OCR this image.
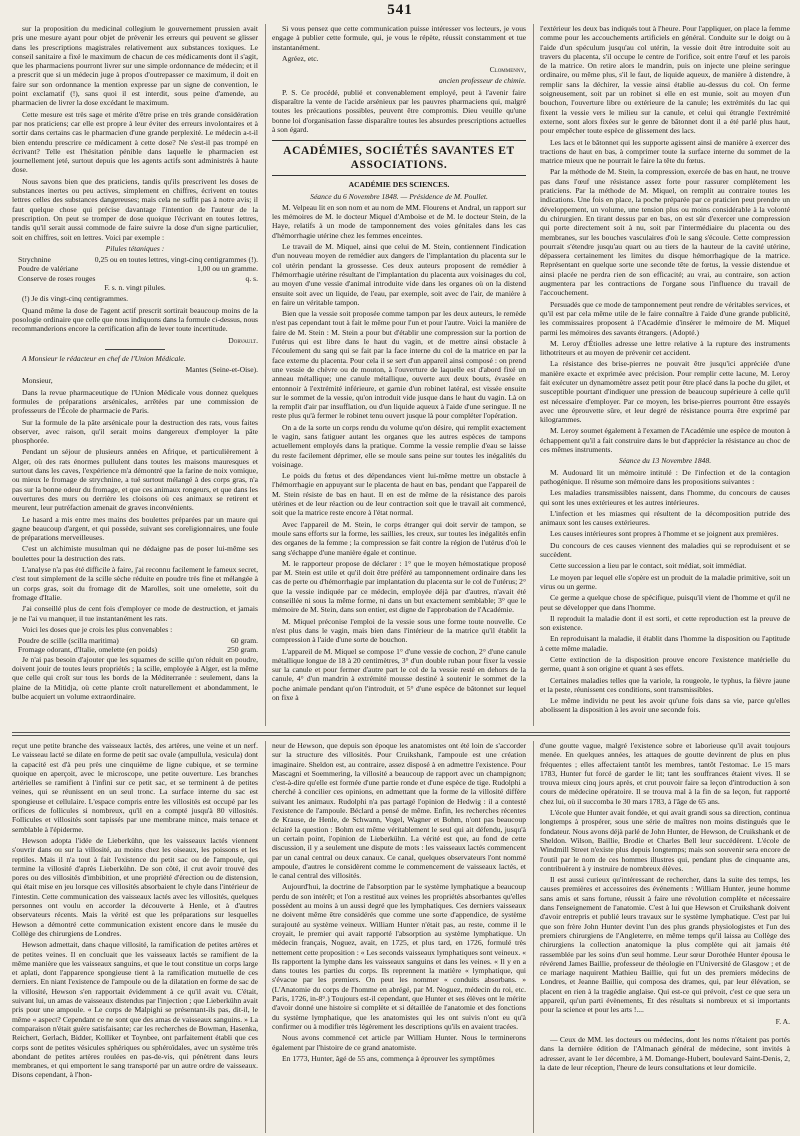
541

sur la proposition du medicinal collegium le gouvernement prussien avait pris une mesure ayant pour objet de prévenir les erreurs qui peuvent se glisser dans les prescriptions magistrales relativement aux substances toxiques. Le conseil sanitaire a fixé le maximum de chacun de ces médicaments dont il s'agit, que les pharmaciens pourront livrer sur une simple ordonnance de médecin; et il a prescrit que si un médecin juge à propos d'outrepasser ce maximum, il doit en faire sur son ordonnance la mention expresse par un signe de convention, le point exclamatif (!), sans quoi il est interdit, sous peine d'amende, au pharmacien de livrer la dose excédant le maximum.

Cette mesure est très sage et mérite d'être prise en très grande considération par nos praticiens; car elle est propre à leur éviter des erreurs involontaires et à sortir dans certains cas le pharmacien d'une grande perplexité. Le médecin a-t-il bien entendu prescrire ce médicament à cette dose? Ne s'est-il pas trompé en écrivant? Telle est l'hésitation pénible dans laquelle le pharmacien est journellement jeté, surtout depuis que les agents actifs sont administrés à haute dose.

Nous savons bien que des praticiens, tandis qu'ils prescrivent les doses de substances inertes ou peu actives, simplement en chiffres, écrivent en toutes lettres celles des substances dangereuses; mais cela ne suffit pas à notre avis; il faut quelque chose qui précise davantage l'intention de l'auteur de la prescription. On peut se tromper de dose quoique l'écrivant en toutes lettres, tandis qu'il serait aussi commode de faire suivre la dose d'un signe particulier, soit en chiffres, soit en lettres. Voici par exemple :

Pilules tétaniques :

Strychnine	0,25 ou en toutes lettres, vingt-cinq centigrammes (!).
Poudre de valériane	1,00 ou un gramme.
Conserve de roses rouges	q. s.

F. s. n. vingt pilules.

(!) Je dis vingt-cinq centigrammes.

Quand même la dose de l'agent actif prescrit sortirait beaucoup moins de la posologie ordinaire que celle que nous indiquons dans la formule ci-dessus, nous recommanderions encore la certification afin de lever toute incertitude.

Dorvault.

A Monsieur le rédacteur en chef de l'Union Médicale.

Mantes (Seine-et-Oise).

Monsieur,

Dans la revue pharmaceutique de l'Union Médicale vous donnez quelques formules de préparations arsénicales, arrêtées par une commission de professeurs de l'École de pharmacie de Paris.

Sur la formule de la pâte arsénicale pour la destruction des rats, vous faites observer, avec raison, qu'il serait moins dangereux d'employer la pâte phosphorée.

Pendant un séjour de plusieurs années en Afrique, et particulièrement à Alger, où des rats énormes pullulent dans toutes les maisons mauresques et surtout dans les caves, l'expérience m'a démontré que la farine de noix vomique, ou mieux le fromage de strychnine, a tué surtout mélangé à des corps gras, n'a pas sur la bonne odeur du fromage, et que ces animaux rongeurs, et que dans les ouvertures des murs ou derrière les cloisons où ces animaux se retirent et meurent, leur putréfaction amenait de graves inconvénients.

Le hasard a mis entre mes mains des boulettes préparées par un maure qui gagne beaucoup d'argent, et qui possède, suivant ses coreligionnaires, une foule de préparations merveilleuses.

C'est un alchimiste musulman qui ne dédaigne pas de poser lui-même ses boulettes pour la destruction des rats.

L'analyse n'a pas été difficile à faire, j'ai reconnu facilement le fameux secret, c'est tout simplement de la scille sèche réduite en poudre très fine et mélangée à un corps gras, soit du fromage dit de Marolles, soit une omelette, soit du fromage d'Italie.

J'ai conseillé plus de cent fois d'employer ce mode de destruction, et jamais je ne l'ai vu manquer, il tue instantanément les rats.

Voici les doses que je crois les plus convenables :

Poudre de scille (scilla maritima)	60 gram.
Fromage odorant, d'Italie, omelette (en poids)	250 gram.

Je n'ai pas besoin d'ajouter que les squames de scille qu'on réduit en poudre, doivent jouir de toutes leurs propriétés ; la scille, employée à Alger, est la même que celle qui croît sur tous les bords de la Méditerranée : seulement, dans la plaine de la Mitidja, où cette plante croît naturellement et abondamment, le bulbe acquiert un volume extraordinaire.

Si vous pensez que cette communication puisse intéresser vos lecteurs, je vous engage à publier cette formule, qui, je vous le répète, réussit constamment et tue instantanément.

Agréez, etc.

Clommenny,

ancien professeur de chimie.

P. S. Ce procédé, publié et convenablement employé, peut à l'avenir faire disparaître la vente de l'acide arsénieux par les pauvres pharmaciens qui, malgré toutes les précautions possibles, peuvent être compromis. Dieu veuille qu'une bonne loi d'organisation fasse disparaître toutes les absurdes prescriptions actuelles à son égard.

ACADÉMIES, SOCIÉTÉS SAVANTES ET ASSOCIATIONS.

ACADÉMIE DES SCIENCES.

Séance du 6 Novembre 1848. — Présidence de M. Poullet.

M. Velpeau lit en son nom et au nom de MM. Flourens et Andral, un rapport sur les mémoires de M. le docteur Miquel d'Amboise et de M. le docteur Stein, de la Haye, relatifs à un mode de tamponnement des voies génitales dans les cas d'hémorrhagie utérine chez les femmes enceintes.

Le travail de M. Miquel, ainsi que celui de M. Stein, contiennent l'indication d'un nouveau moyen de remédier aux dangers de l'implantation du placenta sur le col utérin pendant la grossesse. Ces deux auteurs proposent de remédier à l'hémorrhagie utérine résultant de l'implantation du placenta aux voisinages du col, au moyen d'une vessie d'animal introduite vide dans les organes où on la distend ensuite soit avec un liquide, de l'eau, par exemple, soit avec de l'air, de manière à en faire un véritable tampon.

Bien que la vessie soit proposée comme tampon par les deux auteurs, le remède n'est pas cependant tout à fait le même pour l'un et pour l'autre. Voici la manière de faire de M. Stein : M. Stein a pour but d'établir une compression sur la portion de l'utérus qui est libre dans le haut du vagin, et de mettre ainsi obstacle à l'écoulement du sang qui se fait par la face interne du col de la matrice en par la face externe du placenta. Pour cela il se sert d'un appareil ainsi composé : on prend une vessie de chèvre ou de mouton, à l'ouverture de laquelle est d'abord fixé un anneau métallique; une canule métallique, ouverte aux deux bouts, évasée en entonnoir à l'extrémité inférieure, et garnie d'un robinet latéral, est vissée ensuite sur le sommet de la vessie, qu'on introduit vide jusque dans le haut du vagin. Là on la remplit d'air par insufflation, ou d'un liquide aqueux à l'aide d'une seringue. Il ne reste plus qu'à fermer le robinet tenu ouvert jusque là pour compléter l'opération.

On a de la sorte un corps rendu du volume qu'on désire, qui remplit exactement le vagin, sans fatiguer autant les organes que les autres espèces de tampons actuellement employés dans la pratique. Comme la vessie remplie d'eau se laisse du reste facilement déprimer, elle se moule sans peine sur toutes les inégalités du voisinage.

Le poids du fœtus et des dépendances vient lui-même mettre un obstacle à l'hémorrhagie en appuyant sur le placenta de haut en bas, pendant que l'appareil de M. Stein résiste de bas en haut. Il en est de même de la résistance des parois utérines et de leur réaction ou de leur contraction soit que le travail ait commencé, soit que la matrice reste encore à l'état normal.

Avec l'appareil de M. Stein, le corps étranger qui doit servir de tampon, se moule sans efforts sur la forme, les saillies, les creux, sur toutes les inégalités enfin des organes de la femme ; la compression se fait contre la région de l'utérus d'où le sang s'échappe d'une manière égale et continue.

M. le rapporteur propose de déclarer : 1° que le moyen hémostatique proposé par M. Stein est utile et qu'il doit être préféré au tamponnement ordinaire dans les cas de perte ou d'hémorrhagie par implantation du placenta sur le col de l'utérus; 2° que la vessie indiquée par ce médecin, employée déjà par d'autres, n'avait été conseillée ni sous la même forme, ni dans un but exactement semblable; 3° que le mémoire de M. Stein, dans son entier, est digne de l'approbation de l'Académie.

M. Miquel préconise l'emploi de la vessie sous une forme toute nouvelle. Ce n'est plus dans le vagin, mais bien dans l'intérieur de la matrice qu'il établit la compression à l'aide d'une sorte de bouchon.

L'appareil de M. Miquel se compose 1° d'une vessie de cochon, 2° d'une canule métallique longue de 18 à 20 centimètres, 3° d'un double ruban pour fixer la vessie sur la canule et pour fermer d'autre part le col de la vessie resté en dehors de la canule, 4° d'un mandrin à extrémité mousse destiné à soutenir le sommet de la poche animale pendant qu'on l'introduit, et 5° d'une espèce de bâtonnet sur lequel on fixe à

l'extérieur les deux bas indiqués tout à l'heure. Pour l'appliquer, on place la femme comme pour les accouchements artificiels en général. Conduite sur le doigt ou à l'aide d'un spéculum jusqu'au col utérin, la vessie doit être introduite soit au travers du placenta, s'il occupe le centre de l'orifice, soit entre l'œuf et les parois de la matrice. On retire alors le mandrin, puis on injecte une pleine seringue ordinaire, ou même plus, s'il le faut, de liquide aqueux, de manière à distendre, à remplir sans la déchirer, la vessie ainsi établie au-dessus du col. On ferme soigneusement, soit par un robinet si elle en est munie, soit au moyen d'un bouchon, l'ouverture libre ou extérieure de la canule; les extrémités du lac qui fixent la vessie vers le milieu sur la canule, et celui qui étrangle l'extrémité externe, sont alors fixées sur le genre de bâtonnet dont il a été parlé plus haut, pour empêcher toute espèce de glissement des lacs.

Les lacs et le bâtonnet qui les supporte agissent ainsi de manière à exercer des tractions de haut en bas, à comprimer toute la surface interne du sommet de la matrice mieux que ne pourrait le faire la tête du fœtus.

Par la méthode de M. Stein, la compression, exercée de bas en haut, ne trouve pas dans l'œuf une résistance assez forte pour rassurer complètement les praticiens. Par la méthode de M. Miquel, on remplit au contraire toutes les indications. Une fois en place, la poche préparée par ce praticien peut prendre un développement, un volume, une tension plus ou moins considérable à la volonté du chirurgien. En tirant dessus par en bas, on est sûr d'exercer une compression qui porte directement soit à nu, soit par l'intermédiaire du placenta ou des membranes, sur les bouches vasculaires d'où le sang s'écoule. Cette compression pourrait s'étendre jusqu'au quart ou au tiers de la hauteur de la cavité utérine, dépassera certainement les limites du disque hémorrhagique de la matrice. Représentant en quelque sorte une seconde tête de fœtus, la vessie distendue et ainsi placée ne perdra rien de son efficacité; au vrai, au contraire, son action augmentera par les contractions de l'organe sous l'influence du travail de l'accouchement.

Persuadés que ce mode de tamponnement peut rendre de véritables services, et qu'il est par cela même utile de le faire connaître à l'aide d'une grande publicité, les commissaires proposent à l'Académie d'insérer le mémoire de M. Miquel parmi les mémoires des savants étrangers. (Adopté.)

M. Leroy d'Étiolles adresse une lettre relative à la rupture des instruments lithotriteurs et au moyen de prévenir cet accident.

La résistance des brise-pierres ne pouvait être jusqu'ici appréciée d'une manière exacte et exprimée avec précision. Pour remplir cette lacune, M. Leroy fait exécuter un dynamomètre assez petit pour être placé dans la poche du gilet, et susceptible pourtant d'indiquer une pression de beaucoup supérieure à celle qu'il est nécessaire d'employer. Par ce moyen, les brise-pierres pourront être essayés avec une éprouvette sûre, et leur degré de résistance pourra être exprimé par kilogrammes.

M. Leroy soumet également à l'examen de l'Académie une espèce de mouton à échappement qu'il a fait construire dans le but d'apprécier la résistance au choc de ces mêmes instruments.

Séance du 13 Novembre 1848.

M. Audouard lit un mémoire intitulé : De l'infection et de la contagion pathogénique. Il résume son mémoire dans les propositions suivantes :

Les maladies transmissibles naissent, dans l'homme, du concours de causes qui sont les unes extérieures et les autres intérieures.

L'infection et les miasmes qui résultent de la décomposition putride des animaux sont les causes extérieures.

Les causes intérieures sont propres à l'homme et se joignent aux premières.

Du concours de ces causes viennent des maladies qui se reproduisent et se succèdent.

Cette succession a lieu par le contact, soit médiat, soit immédiat.

Le moyen par lequel elle s'opère est un produit de la maladie primitive, soit un virus ou un germe.

Ce germe a quelque chose de spécifique, puisqu'il vient de l'homme et qu'il ne peut se développer que dans l'homme.

Il reproduit la maladie dont il est sorti, et cette reproduction est la preuve de son existence.

En reproduisant la maladie, il établit dans l'homme la disposition ou l'aptitude à cette même maladie.

Cette extinction de la disposition prouve encore l'existence matérielle du germe, quant à son origine et quant à ses effets.

Certaines maladies telles que la variole, la rougeole, le typhus, la fièvre jaune et la peste, réunissent ces conditions, sont transmissibles.

Le même individu ne peut les avoir qu'une fois dans sa vie, parce qu'elles abolissent la disposition à les avoir une seconde fois.

reçut une petite branche des vaisseaux lactés, des artères, une veine et un nerf. Le vaisseau lacté se dilate en forme de petit sac ovale (ampullula, vesicula) dont la capacité est d'à peu près une cinquième de ligne cubique, et se termine quoique en aperçoit, avec le microscope, une petite ouverture. Les branches artérielles se ramifient à l'infini sur ce petit sac, et se terminent à de petites veines, qui se réunissent en un seul tronc. La surface interne du sac est spongieuse et cellulaire. L'espace compris entre les villosités est occupé par les orifices de follicules si nombreux, qu'il en a compté jusqu'à 80 villosités. Follicules et villosités sont tapissés par une membrane mince, mais tenace et semblable à l'épiderme.

Hewson adopta l'idée de Lieberkühn, que les vaisseaux lactés viennent s'ouvrir dans ou sur la villosité, au moins chez les oiseaux, les poissons et les reptiles. Mais il n'a tout à fait l'existence du petit sac ou de l'ampoule, qui termine la villosité d'après Lieberkühn. De son côté, il crut avoir trouvé des pores ou des villosités d'imbibition, et une propriété d'érection ou de distension, qui était mise en jeu lorsque ces villosités absorbaient le chyle dans l'intérieur de l'intestin. Cette communication des vaisseaux lactés avec les villosités, quelques personnes ont voulu en accorder la découverte à Henle, et à d'autres observateurs récents. Mais la vérité est que les préparations sur lesquelles Hewson a démontré cette communication existent encore dans le musée du Collège des chirurgiens de Londres.

Hewson admettait, dans chaque villosité, la ramification de petites artères et de petites veines. Il en concluait que les vaisseaux lactés se ramifient de la même manière que les vaisseaux sanguins, et que le tout constitue un corps large et aplati, dont l'apparence spongieuse tient à la ramification mutuelle de ces derniers. En niant l'existence de l'ampoule ou de la dilatation en forme de sac de la villosité, Hewson s'en rapportait évidemment à ce qu'il avait vu. C'était, suivant lui, un amas de vaisseaux distendus par l'injection ; que Lieberkühn avait pris pour une ampoule. « Le corps de Malpighi se présentant-ils pas, dit-il, le même « aspect? Cependant ce ne sont que des amas de vaisseaux sanguins. » La comparaison n'était guère satisfaisante; car les recherches de Bowman, Hasenka, Reichert, Gerlach, Bidder, Kolliker et Toynbee, ont parfaitement établi que ces corps sont de petites vésicules sphériques ou sphéroïdales, avec un système très abondant de petites artères roulées en pas-de-vis, qui pénètrent dans leurs membranes, et qui emportent le sang transporté par un autre ordre de vaisseaux. Disons cependant, à l'hon-

neur de Hewson, que depuis son époque les anatomistes ont été loin de s'accorder sur la structure des villosités. Pour Cruikshank, l'ampoule est une création imaginaire. Sheldon est, au contraire, assez disposé à en admettre l'existence. Pour Mascagni et Soemmering, la villosité a beaucoup de rapport avec un champignon; c'est-à-dire qu'elle est formée d'une partie ronde et d'une espèce de tige. Rudolphi a cherché à concilier ces opinions, en admettant que la forme de la villosité diffère suivant les animaux. Rudolphi n'a pas partagé l'opinion de Hedwig : il a contesté l'existence de l'ampoule. Béclard a pensé de même. Enfin, les recherches récentes de Krause, de Henle, de Schwann, Vogel, Wagner et Bohm, n'ont pas beaucoup éclairé la question : Bohm est même véritablement le seul qui ait défendu, jusqu'à un certain point, l'opinion de Lieberkühn. La vérité est que, au fond de cette discussion, il y a seulement une dispute de mots : les vaisseaux lactés commencent par un canal central ou deux canaux. Ce canal, quelques observateurs l'ont nommé ampoule, d'autres le considèrent comme le commencement de vaisseaux lactés, et le canal central des villosités.

Aujourd'hui, la doctrine de l'absorption par le système lymphatique a beaucoup perdu de son intérêt; et l'on a restitué aux veines les propriétés absorbantes qu'elles possèdent au moins à un aussi degré que les lymphatiques. Ces derniers vaisseaux ne doivent même être considérés que comme une sorte d'appendice, de système surajouté au système veineux. William Hunter n'était pas, au reste, comme il le croyait, le premier qui avait rapporté l'absorption au système lymphatique. Un médecin français, Noguez, avait, en 1725, et plus tard, en 1726, formulé très nettement cette proposition : « Les seconds vaisseaux lymphatiques sont veineux. « Ils rapportent la lymphe dans les vaisseaux sanguins et dans les veines. « Il y en a dans toutes les parties du corps. Ils reprennent la matière « lymphatique, qui s'évacue par les premiers. On peut les nommer « conduits absorbans. » (L'Anatomie du corps de l'homme en abrégé, par M. Noguez, médecin du roi, etc. Paris, 1726, in-8°.) Toujours est-il cependant, que Hunter et ses élèves ont le mérite d'avoir donné une histoire si complète et si détaillée de l'anatomie et des fonctions du système lymphatique, que les anatomistes qui les ont suivis n'ont eu qu'à confirmer ou à modifier très légèrement les descriptions qu'ils en avaient tracées.

Nous avons commencé cet article par William Hunter. Nous le terminerons également par l'histoire de ce grand anatomiste.

En 1773, Hunter, âgé de 55 ans, commença à éprouver les symptômes

d'une goutte vague, malgré l'existence sobre et laborieuse qu'il avait toujours menée. En quelques années, les attaques de goutte devinrent de plus en plus fréquentes ; elles affectaient tantôt les membres, tantôt l'estomac. Le 15 mars 1783, Hunter fut forcé de garder le lit; tant les souffrances étaient vives. Il se trouva mieux cinq jours après, et crut pouvoir faire sa leçon d'introduction à son cours de médecine opératoire. Il se trouva mal à la fin de sa leçon, fut rapporté chez lui, où il succomba le 30 mars 1783, à l'âge de 65 ans.

L'école que Hunter avait fondée, et qui avait grandi sous sa direction, continua longtemps à prospérer, sous une série de maîtres non moins distingués que le fondateur. Nous avons déjà parlé de John Hunter, de Hewson, de Cruikshank et de Sheldon. Wilson, Baillie, Brodie et Charles Bell leur succédèrent. L'école de Windmill Street n'existe plus depuis longtemps; mais son souvenir sera encore de l'outil par le nom de ces hommes illustres qui, pendant plus de cinquante ans, contribuèrent à y instruire de nombreux élèves.

Il est aussi curieux qu'intéressant de rechercher, dans la suite des temps, les causes premières et accessoires des événements : William Hunter, jeune homme sans amis et sans fortune, réussit à faire une révolution complète et nécessaire dans l'enseignement de l'anatomie. C'est à lui que Hewson et Cruikshank doivent d'avoir entrepris et publié leurs travaux sur le système lymphatique. C'est par lui que son frère John Hunter devint l'un des plus grands physiologistes et l'un des premiers chirurgiens de l'Angleterre, en même temps qu'il laissa au Collège des chirurgiens la collection anatomique la plus complète qui ait jamais été rassemblée par les soins d'un seul homme. Leur sœur Dorothée Hunter épousa le révérend James Baillie, professeur de théologie en l'Université de Glasgow ; et de ce mariage naquirent Mathieu Baillie, qui fut un des premiers médecins de Londres, et Jeanne Baillie, qui composa des drames, qui, par leur élévation, se placent en rien à la tragédie anglaise. Qui est-ce qui prévoit, c'est ce que sera un appareil, qu'un parti évènements, Et des résultats si nombreux et si importants pour la science et pour les arts !....

F. A.

— Ceux de MM. les docteurs ou médecins, dont les noms n'étaient pas portés dans la dernière édition de l'Almanach général de médecine, sont invités à adresser, avant le 1er décembre, à M. Domange-Hubert, boulevard Saint-Denis, 2, la date de leur réception, l'heure de leurs consultations et leur domicile.
